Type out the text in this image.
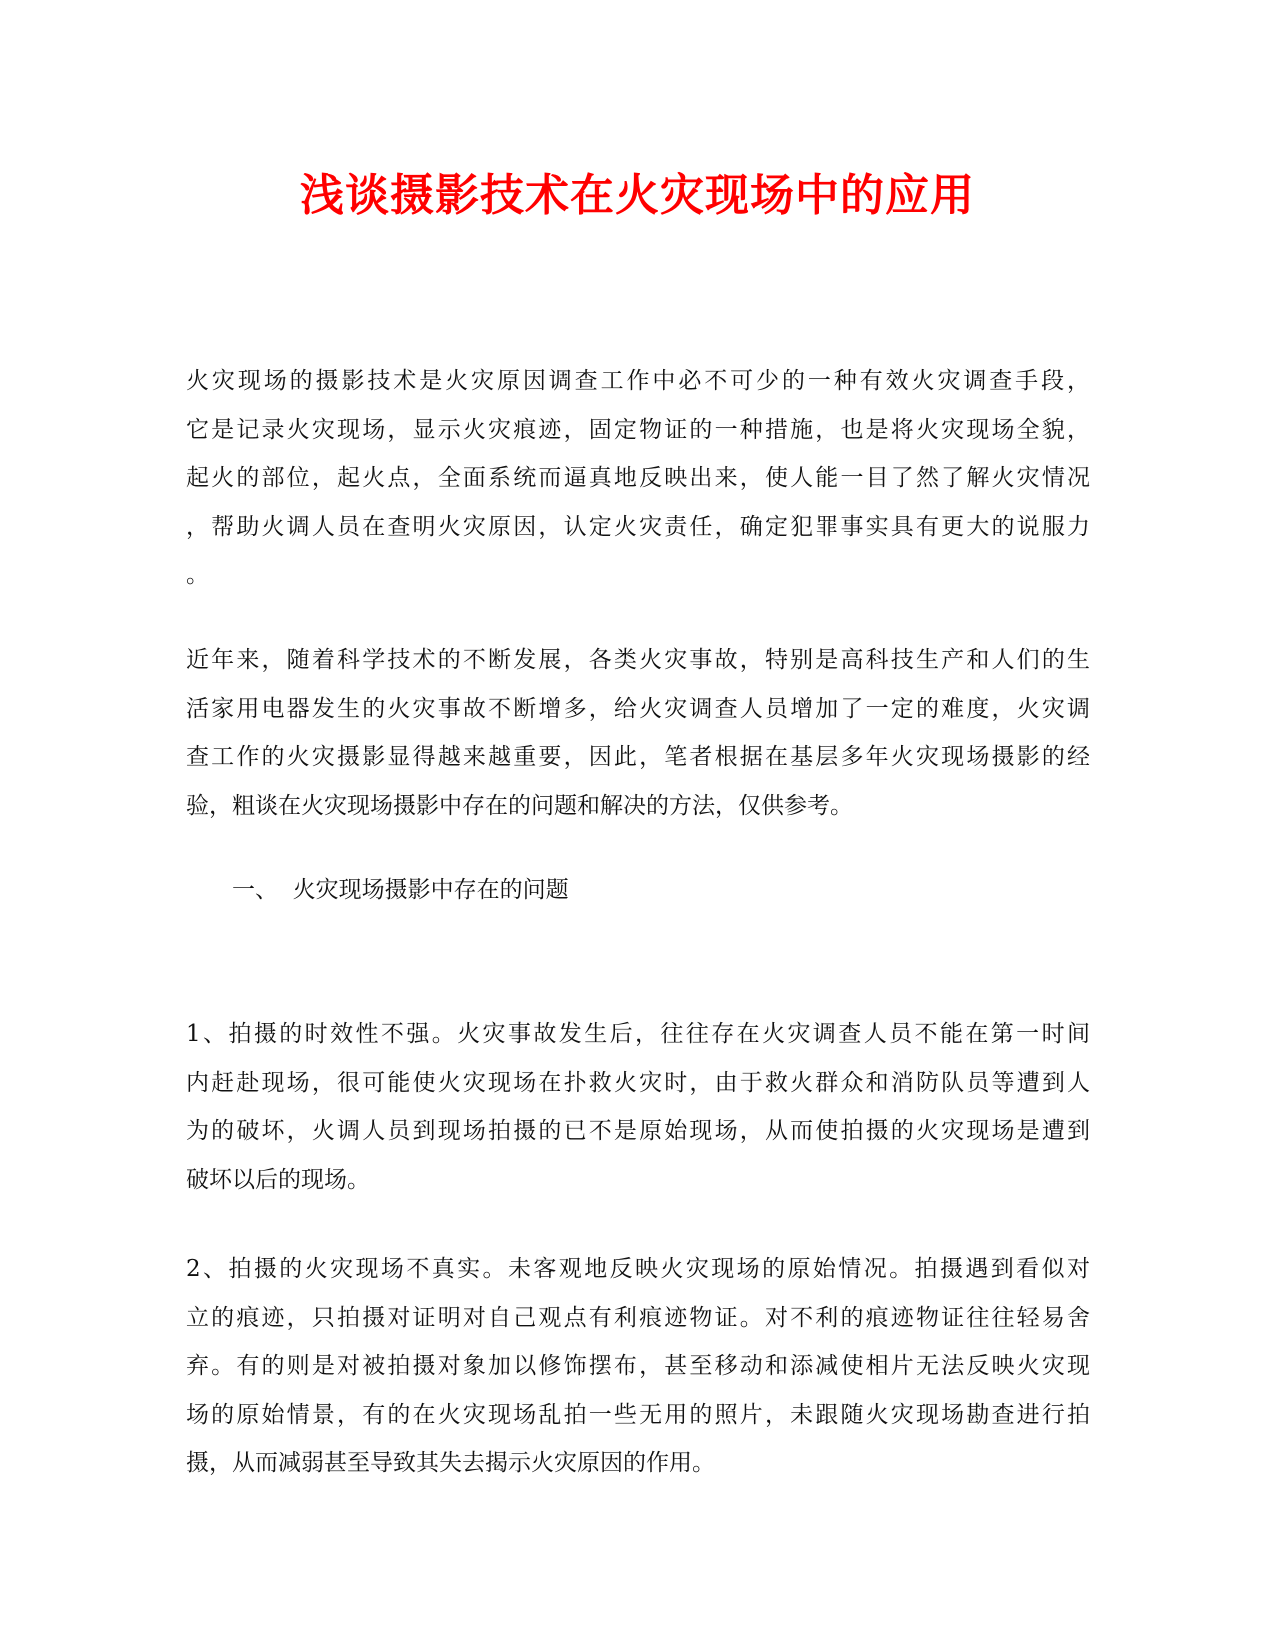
浅谈摄影技术在火灾现场中的应用
火灾现场的摄影技术是火灾原因调查工作中必不可少的一种有效火灾调查手段，
它是记录火灾现场，显示火灾痕迹，固定物证的一种措施，也是将火灾现场全貌，
起火的部位，起火点，全面系统而逼真地反映出来，使人能一目了然了解火灾情况
，帮助火调人员在查明火灾原因，认定火灾责任，确定犯罪事实具有更大的说服力
。
近年来，随着科学技术的不断发展，各类火灾事故，特别是高科技生产和人们的生
活家用电器发生的火灾事故不断增多，给火灾调查人员增加了一定的难度，火灾调
查工作的火灾摄影显得越来越重要，因此，笔者根据在基层多年火灾现场摄影的经
验，粗谈在火灾现场摄影中存在的问题和解决的方法，仅供参考。
一、  火灾现场摄影中存在的问题
1、拍摄的时效性不强。火灾事故发生后，往往存在火灾调查人员不能在第一时间
内赶赴现场，很可能使火灾现场在扑救火灾时，由于救火群众和消防队员等遭到人
为的破坏，火调人员到现场拍摄的已不是原始现场，从而使拍摄的火灾现场是遭到
破坏以后的现场。
2、拍摄的火灾现场不真实。未客观地反映火灾现场的原始情况。拍摄遇到看似对
立的痕迹，只拍摄对证明对自己观点有利痕迹物证。对不利的痕迹物证往往轻易舍
弃。有的则是对被拍摄对象加以修饰摆布，甚至移动和添减使相片无法反映火灾现
场的原始情景，有的在火灾现场乱拍一些无用的照片，未跟随火灾现场勘查进行拍
摄，从而减弱甚至导致其失去揭示火灾原因的作用。
